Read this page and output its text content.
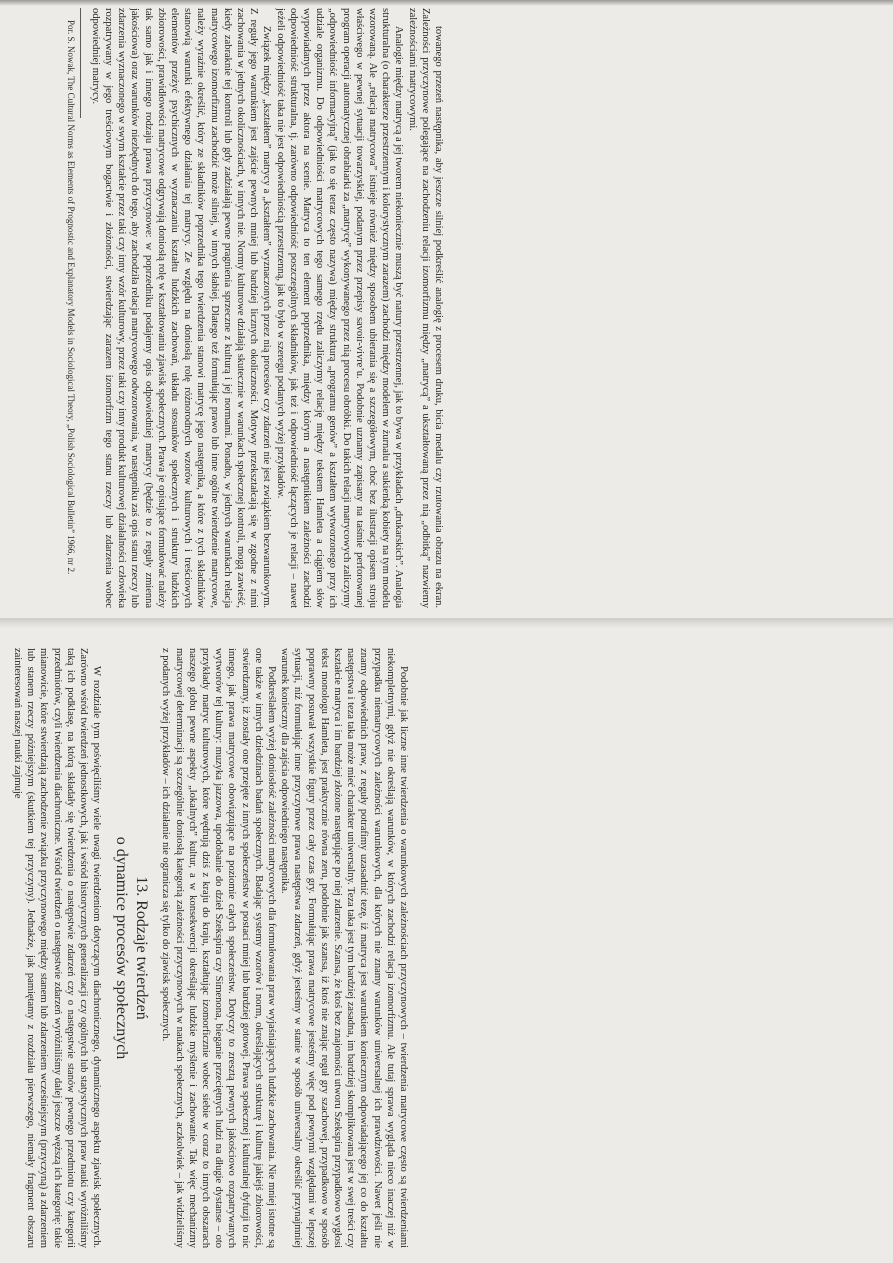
towanego przezeń następnika, aby jeszcze silniej podkreślić analogię z procesem druku, bicia medalu czy rzutowania obrazu na ekran. Zależności przyczynowe polegające na zachodzeniu relacji izomorfizmu między „matrycą” a ukształtowaną przez nią „odbitką” nazwiemy zależnościami matrycowymi.

Analogie między matrycą a jej tworem niekoniecznie muszą być natury przestrzennej, jak to bywa w przykładach „drukarskich”. Analogia strukturalna (o charakterze przestrzennym i kolorystycznym zarazem) zachodzi między modelem w żurnalu a sukienką kobiety na tym modelu wzorowaną. Ale „relacja matrycowa” istnieje również między sposobem ubierania się a szczegółowym, choć bez ilustracji opisem stroju właściwego w pewnej sytuacji towarzyskiej, podanym przez przepisy savoir-vivre’u. Podobnie uznamy zapisany na taśmie perforowanej program operacji automatycznej obrabiarki za „matrycę” wykonywanego przez nią procesu obróbki. Do takich relacji matrycowych zaliczymy „odpowiedniość informacyjną” (jak to się teraz często nazywa) między strukturą „programu genów” a kształtem wytworzonego przy ich udziale organizmu. Do odpowiedniości matrycowych tego samego rzędu zaliczymy relację między tekstem Hamleta a ciągiem słów wypowiadanych przez aktora na scenie. Matryca to ten element poprzednika, między którym a następnikiem zależności zachodzi odpowiedniość strukturalna, tj. zarówno odpowiedniość poszczególnych składników, jak też i odpowiedniość łączących je relacji – nawet jeżeli odpowiedniość taka nie jest odpowiedniością przestrzenną, jak to było w szeregu podanych wyżej przykładów.

Związek między „kształtem” matrycy a „kształtem” wyznaczonych przez nią procesów czy zdarzeń nie jest związkiem bezwarunkowym. Z reguły jego warunkiem jest zajście pewnych mniej lub bardziej licznych okoliczności. Motywy przekształcają się w zgodne z nimi zachowania w jednych okolicznościach, w innych nie. Normy kulturowe działają skutecznie w warunkach społecznej kontroli, mogą zawieść, kiedy zabraknie tej kontroli lub gdy zadziałają pewne pragnienia sprzeczne z kulturą i jej normami. Ponadto, w jednych warunkach relacja matrycowego izomorfizmu zachodzić może silniej, w innych słabiej. Dlatego też formułując prawo lub inne ogólne twierdzenie matrycowe, należy wyraźnie określić, który ze składników poprzednika tego twierdzenia stanowi matrycę jego następnika, a które z tych składników stanowią warunki efektywnego działania tej matrycy. Ze względu na doniosłą rolę różnorodnych wzorów kulturowych i treściowych elementów przeżyć psychicznych w wyznaczaniu kształtu ludzkich zachowań, układu stosunków społecznych i struktury ludzkich zbiorowości, prawidłowości matrycowe odgrywają doniosłą rolę w kształtowaniu zjawisk społecznych. Prawa je opisujące formułować należy tak samo jak i innego rodzaju prawa przyczynowe: w poprzedniku podajemy opis odpowiedniej matrycy (będzie to z reguły zmienna jakościowa) oraz warunków niezbędnych do tego, aby zachodziła relacja matrycowego odwzorowania, w następniku zaś opis stanu rzeczy lub zdarzenia wyznaczonego w swym kształcie przez taki czy inny wzór kulturowy, przez taki czy inny produkt kulturowej działalności człowieka rozpatrywany w jego treściowym bogactwie i złożoności, stwierdzając zarazem izomorfizm tego stanu rzeczy lub zdarzenia wobec odpowiedniej matrycy.

Por. S. Nowak, The Cultural Norms as Elements of Prognostic and Explanatory Models in Sociological Theory, „Polish Sociological Bulletin” 1966, nr 2.

Podobnie jak liczne inne twierdzenia o warunkowych zależnościach przyczynowych – twierdzenia matrycowe często są twierdzeniami niekompletnymi, gdyż nie określają warunków, w których zachodzi relacja izomorfizmu. Ale tutaj sprawa wygląda nieco inaczej niż w przypadku niematrycowych zależności warunkowych, dla których nie znamy warunków uniwersalnej ich prawdziwości. Nawet jeśli nie znamy odpowiednich praw, z reguły potrafimy uzasadnić tezę, iż matryca jest warunkiem koniecznym odpowiadającego jej co do kształtu następstwa i teza taka może mieć charakter uniwersalny. Teza taka jest tym bardziej zasadna, im bardziej skomplikowana jest w swej treści czy kształcie matryca i im bardziej złożone następujące po niej zdarzenie. Szansa, że ktoś bez znajomości utworu Szekspira przypadkowo wygłosi tekst monologu Hamleta, jest praktycznie równa zeru, podobnie jak szansa, iż ktoś nie znając reguł gry szachowej, przypadkowo w sposób poprawny posuwał wszystkie figury przez cały czas gry. Formułując prawa matrycowe jesteśmy więc pod pewnymi względami w lepszej sytuacji, niż formułując inne przyczynowe prawa następstwa zdarzeń, gdyż jesteśmy w stanie w sposób uniwersalny określić przynajmniej warunek konieczny dla zajścia odpowiedniego następnika.

Podkreślałem wyżej doniosłość zależności matrycowych dla formułowania praw wyjaśniających ludzkie zachowania. Nie mniej istotne są one także w innych dziedzinach badań społecznych. Badając systemy wzorów i norm, określających strukturę i kulturę jakiejś zbiorowości, stwierdzamy, iż zostały one przejęte z innych społeczeństw w postaci mniej lub bardziej gotowej. Prawa społecznej i kulturalnej dyfuzji to nic innego, jak prawa matrycowe obowiązujące na poziomie całych społeczeństw. Dotyczy to zresztą pewnych jakościowo rozpatrywanych wytworów tej kultury: muzyka jazzowa, upodobanie do dzieł Szekspira czy Simenona, bieganie przeciętnych ludzi na długie dystanse – oto przykłady matryc kulturowych, które wędrują dziś z kraju do kraju, kształtując izomorficznie wobec siebie w coraz to innych obszarach naszego globu pewne aspekty „lokalnych” kultur, a w konsekwencji określając ludzkie myślenie i zachowanie. Tak więc mechanizmy matrycowej determinacji są szczególnie doniosłą kategorią zależności przyczynowych w naukach społecznych, aczkolwiek – jak widzieliśmy z podanych wyżej przykładów – ich działanie nie ogranicza się tylko do zjawisk społecznych.

13. Rodzaje twierdzeń
o dynamice procesów społecznych

W rozdziale tym poświęciliśmy wiele uwagi twierdzeniom dotyczącym diachronicznego, dynamicznego aspektu zjawisk społecznych. Zarówno wśród twierdzeń jednostkowych, jak i wśród historycznych generalizacji czy ogólnych lub statystycznych praw nauki wyróżniliśmy taką ich podklasę, na którą składały się twierdzenia o następstwie zdarzeń czy o następstwie stanów pewnego przedmiotu czy kategorii przedmiotów, czyli twierdzenia diachroniczne. Wśród twierdzeń o następstwie zdarzeń wyróżniliśmy dalej jeszcze węższą ich kategorię: takie mianowicie, które stwierdzają zachodzenie związku przyczynowego między stanem lub zdarzeniem wcześniejszym (przyczyną) a zdarzeniem lub stanem rzeczy późniejszym (skutkiem tej przyczyny). Jednakże, jak pamiętamy z rozdziału pierwszego, niemały fragment obszaru zainteresowań naszej nauki zajmuje
